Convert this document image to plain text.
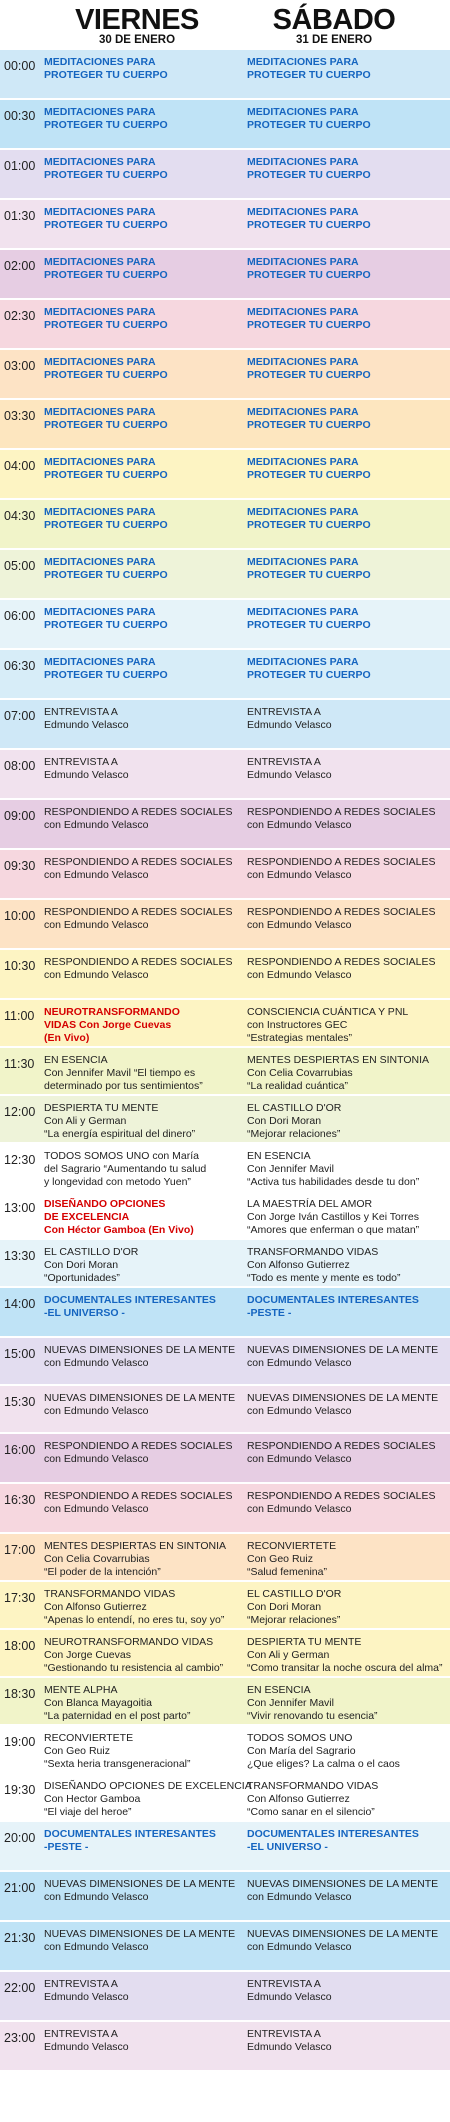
VIERNES
30 DE ENERO
SÁBADO
31 DE ENERO
00:00 MEDITACIONES PARA
PROTEGER TU CUERPO
MEDITACIONES PARA
PROTEGER TU CUERPO
00:30 MEDITACIONES PARA
PROTEGER TU CUERPO
MEDITACIONES PARA
PROTEGER TU CUERPO
01:00 MEDITACIONES PARA
PROTEGER TU CUERPO
MEDITACIONES PARA
PROTEGER TU CUERPO
01:30 MEDITACIONES PARA
PROTEGER TU CUERPO
MEDITACIONES PARA
PROTEGER TU CUERPO
02:00 MEDITACIONES PARA
PROTEGER TU CUERPO
MEDITACIONES PARA
PROTEGER TU CUERPO
02:30 MEDITACIONES PARA
PROTEGER TU CUERPO
MEDITACIONES PARA
PROTEGER TU CUERPO
03:00 MEDITACIONES PARA
PROTEGER TU CUERPO
MEDITACIONES PARA
PROTEGER TU CUERPO
03:30 MEDITACIONES PARA
PROTEGER TU CUERPO
MEDITACIONES PARA
PROTEGER TU CUERPO
04:00 MEDITACIONES PARA
PROTEGER TU CUERPO
MEDITACIONES PARA
PROTEGER TU CUERPO
04:30 MEDITACIONES PARA
PROTEGER TU CUERPO
MEDITACIONES PARA
PROTEGER TU CUERPO
05:00 MEDITACIONES PARA
PROTEGER TU CUERPO
MEDITACIONES PARA
PROTEGER TU CUERPO
06:00 MEDITACIONES PARA
PROTEGER TU CUERPO
MEDITACIONES PARA
PROTEGER TU CUERPO
06:30 MEDITACIONES PARA
PROTEGER TU CUERPO
MEDITACIONES PARA
PROTEGER TU CUERPO
07:00 ENTREVISTA A
Edmundo Velasco
ENTREVISTA A
Edmundo Velasco
08:00 ENTREVISTA A
Edmundo Velasco
ENTREVISTA A
Edmundo Velasco
09:00 RESPONDIENDO A REDES SOCIALES
con Edmundo Velasco
RESPONDIENDO A REDES SOCIALES
con Edmundo Velasco
09:30 RESPONDIENDO A REDES SOCIALES
con Edmundo Velasco
RESPONDIENDO A REDES SOCIALES
con Edmundo Velasco
10:00 RESPONDIENDO A REDES SOCIALES
con Edmundo Velasco
RESPONDIENDO A REDES SOCIALES
con Edmundo Velasco
10:30 RESPONDIENDO A REDES SOCIALES
con Edmundo Velasco
RESPONDIENDO A REDES SOCIALES
con Edmundo Velasco
11:00 NEUROTRANSFORMANDO
VIDAS Con Jorge Cuevas
(En Vivo)
CONSCIENCIA CUÁNTICA Y PNL
con Instructores GEC
“Estrategias mentales”
11:30 EN ESENCIA
Con Jennifer Mavil “El tiempo es
determinado por tus sentimientos”
MENTES DESPIERTAS EN SINTONIA
Con Celia Covarrubias
“La realidad cuántica”
12:00 DESPIERTA TU MENTE
Con Ali y German
“La energía espiritual del dinero”
EL CASTILLO D'OR
Con Dori Moran
“Mejorar relaciones”
12:30 TODOS SOMOS UNO con María
del Sagrario “Aumentando tu salud
y longevidad con metodo Yuen”
EN ESENCIA
Con Jennifer Mavil
“Activa tus habilidades desde tu don”
13:00 DISEÑANDO OPCIONES
DE EXCELENCIA
Con Héctor Gamboa (En Vivo)
LA MAESTRÍA DEL AMOR
Con Jorge Iván Castillos y Kei Torres
“Amores que enferman o que matan”
13:30 EL CASTILLO D'OR
Con Dori Moran
“Oportunidades”
TRANSFORMANDO VIDAS
Con Alfonso Gutierrez
“Todo es mente y mente es todo”
14:00 DOCUMENTALES INTERESANTES
-EL UNIVERSO -
DOCUMENTALES INTERESANTES
-PESTE -
15:00 NUEVAS DIMENSIONES DE LA MENTE
con Edmundo Velasco
NUEVAS DIMENSIONES DE LA MENTE
con Edmundo Velasco
15:30 NUEVAS DIMENSIONES DE LA MENTE
con Edmundo Velasco
NUEVAS DIMENSIONES DE LA MENTE
con Edmundo Velasco
16:00 RESPONDIENDO A REDES SOCIALES
con Edmundo Velasco
RESPONDIENDO A REDES SOCIALES
con Edmundo Velasco
16:30 RESPONDIENDO A REDES SOCIALES
con Edmundo Velasco
RESPONDIENDO A REDES SOCIALES
con Edmundo Velasco
17:00 MENTES DESPIERTAS EN SINTONIA
Con Celia Covarrubias
“El poder de la intención”
RECONVIERTETE
Con Geo Ruiz
“Salud femenina”
17:30 TRANSFORMANDO VIDAS
Con Alfonso Gutierrez
“Apenas lo entendí, no eres tu, soy yo”
EL CASTILLO D'OR
Con Dori Moran
“Mejorar relaciones”
18:00 NEUROTRANSFORMANDO VIDAS
Con Jorge Cuevas
“Gestionando tu resistencia al cambio”
DESPIERTA TU MENTE
Con Ali y German
“Como transitar la noche oscura del alma”
18:30 MENTE ALPHA
Con Blanca Mayagoitia
“La paternidad en el post parto”
EN ESENCIA
Con Jennifer Mavil
“Vivir renovando tu esencia”
19:00 RECONVIERTETE
Con Geo Ruiz
“Sexta heria transgeneracional”
TODOS SOMOS UNO
Con María del Sagrario
¿Que eliges? La calma o el caos
19:30 DISEÑANDO OPCIONES DE EXCELENCIA
Con Hector Gamboa
“El viaje del heroe”
TRANSFORMANDO VIDAS
Con Alfonso Gutierrez
“Como sanar en el silencio”
20:00 DOCUMENTALES INTERESANTES
-PESTE -
DOCUMENTALES INTERESANTES
-EL UNIVERSO -
21:00 NUEVAS DIMENSIONES DE LA MENTE
con Edmundo Velasco
NUEVAS DIMENSIONES DE LA MENTE
con Edmundo Velasco
21:30 NUEVAS DIMENSIONES DE LA MENTE
con Edmundo Velasco
NUEVAS DIMENSIONES DE LA MENTE
con Edmundo Velasco
22:00 ENTREVISTA A
Edmundo Velasco
ENTREVISTA A
Edmundo Velasco
23:00 ENTREVISTA A
Edmundo Velasco
ENTREVISTA A
Edmundo Velasco
